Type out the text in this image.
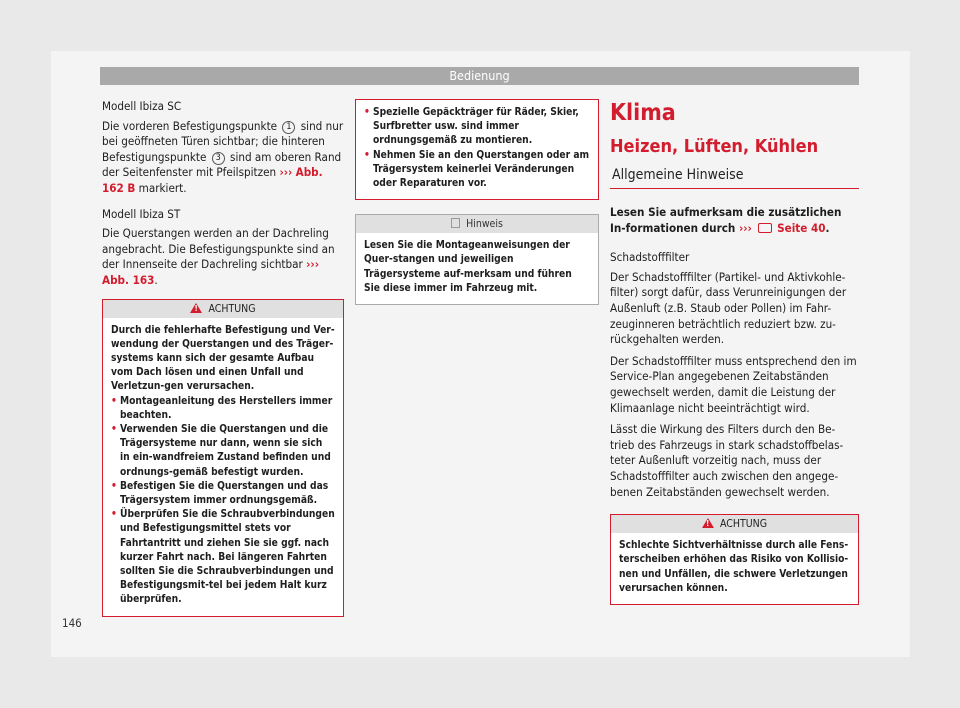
Bedienung
Modell Ibiza SC

Die vorderen Befestigungspunkte 1 sind nur bei geöffneten Türen sichtbar; die hinteren Befestigungspunkte 3 sind am oberen Rand der Seitenfenster mit Pfeilspitzen ››› Abb. 162 B markiert.

Modell Ibiza ST

Die Querstangen werden an der Dachreling angebracht. Die Befestigungspunkte sind an der Innenseite der Dachreling sichtbar ››› Abb. 163.

!ACHTUNG
Durch die fehlerhafte Befestigung und Ver-wendung der Querstangen und des Träger-systems kann sich der gesamte Aufbau vom Dach lösen und einen Unfall und Verletzun-gen verursachen.
• Montageanleitung des Herstellers immer beachten.
• Verwenden Sie die Querstangen und die Trägersysteme nur dann, wenn sie sich in ein-wandfreiem Zustand befinden und ordnungs-gemäß befestigt wurden.
• Befestigen Sie die Querstangen und das Trägersystem immer ordnungsgemäß.
• Überprüfen Sie die Schraubverbindungen und Befestigungsmittel stets vor Fahrtantritt und ziehen Sie sie ggf. nach kurzer Fahrt nach. Bei längeren Fahrten sollten Sie die Schraubverbindungen und Befestigungsmit-tel bei jedem Halt kurz überprüfen.
• Spezielle Gepäckträger für Räder, Skier, Surfbretter usw. sind immer ordnungsgemäß zu montieren.
• Nehmen Sie an den Querstangen oder am Trägersystem keinerlei Veränderungen oder Reparaturen vor.
Hinweis
Lesen Sie die Montageanweisungen der Quer-stangen und jeweiligen Trägersysteme auf-merksam und führen Sie diese immer im Fahrzeug mit.
Klima
Heizen, Lüften, Kühlen
Allgemeine Hinweise

Lesen Sie aufmerksam die zusätzlichen In-formationen durch ››› Seite 40.

Schadstofffilter

Der Schadstofffilter (Partikel- und Aktivkohle-filter) sorgt dafür, dass Verunreinigungen der Außenluft (z.B. Staub oder Pollen) im Fahr-zeuginneren beträchtlich reduziert bzw. zu-rückgehalten werden.

Der Schadstofffilter muss entsprechend den im Service-Plan angegebenen Zeitabständen gewechselt werden, damit die Leistung der Klimaanlage nicht beeinträchtigt wird.

Lässt die Wirkung des Filters durch den Be-trieb des Fahrzeugs in stark schadstoffbelas-teter Außenluft vorzeitig nach, muss der Schadstofffilter auch zwischen den angege-benen Zeitabständen gewechselt werden.

!ACHTUNG
Schlechte Sichtverhältnisse durch alle Fens-terscheiben erhöhen das Risiko von Kollisio-nen und Unfällen, die schwere Verletzungen verursachen können.
146
